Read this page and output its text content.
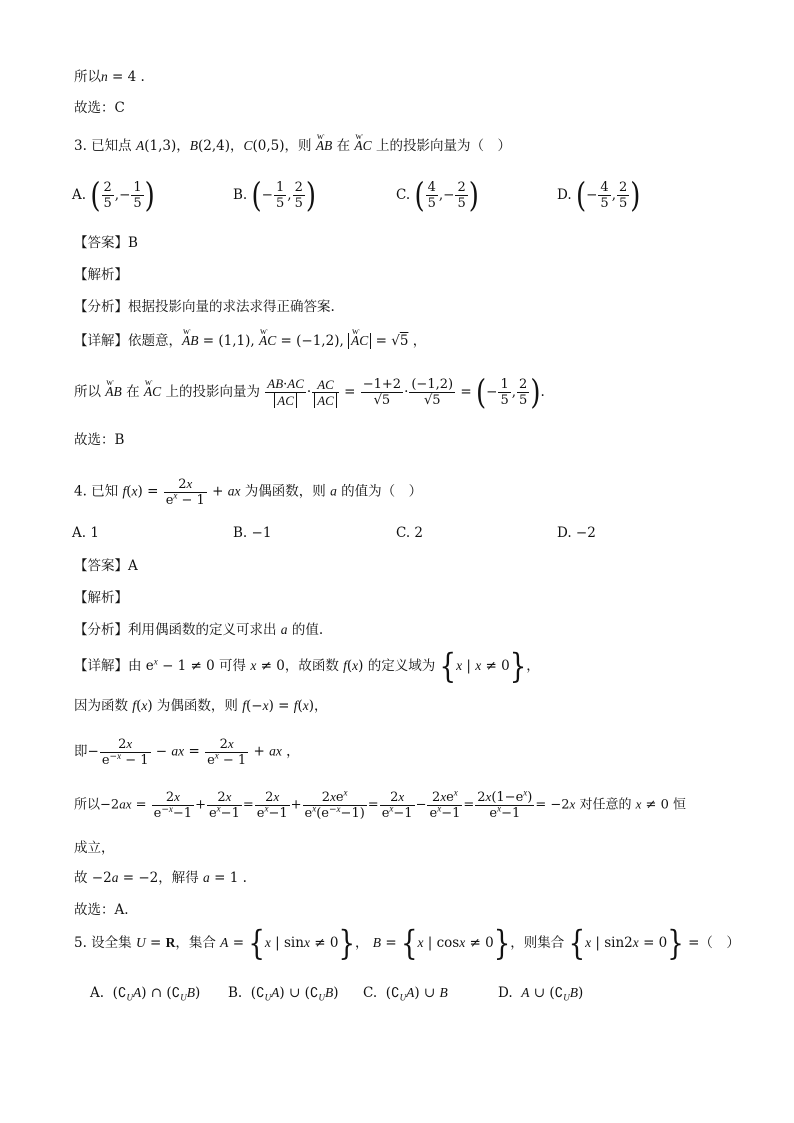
所以n = 4 .
故选：C
3. 已知点 A(1,3)，B(2,4)，C(0,5)，则 ⱳ AB 在 ⱳ AC 上的投影向量为（　）
A. ( $\frac{2}{5}$ ,− $\frac{1}{5}$ )	B. (− $\frac{1}{5}$ , $\frac{2}{5}$ )	C. ( $\frac{4}{5}$ ,− $\frac{2}{5}$ )	D. (− $\frac{4}{5}$ , $\frac{2}{5}$ )
【答案】B
【解析】
【分析】根据投影向量的求法求得正确答案.
【详解】依题意，ⱳ AB = (1,1), ⱳ AC = (−1,2), ⱳ AC = √5 ，
所以 ⱳ AB 在 ⱳ AC 上的投影向量为 $\frac{AB\cdot AC}{AC} \cdot \frac{AC}{AC} = \frac{-1+2}{√5} \cdot \frac{(-1,2)}{√5}$ = (− $\frac{1}{5}$ , $\frac{2}{5}$ ).
故选：B
4. 已知 $f(x) = \frac{2x}{e^x - 1}$ + ax 为偶函数，则 a 的值为（　）
A. 1	B. −1	C. 2	D. −2
【答案】A
【解析】
【分析】利用偶函数的定义可求出 a 的值.
【详解】由 $e^x - 1 \ne 0$ 可得 x ≠ 0，故函数 f(x) 的定义域为 {x | x ≠ 0}，
因为函数 f(x) 为偶函数，则 f(−x) = f(x)，
即− $\frac{2x}{e^{-x} - 1}$ − ax = $\frac{2x}{e^x - 1}$ + ax ，
所以$-2ax = \frac{2x}{e^{-x}-1} + \frac{2x}{e^x-1} = \frac{2x}{e^x-1} + \frac{2xe^x}{e^x(e^{-x}-1)} = \frac{2x}{e^x-1} - \frac{2xe^x}{e^x-1} = \frac{2x(1-e^x)}{e^x-1} = -2x$ 对任意的 x ≠ 0 恒
成立，
故 −2a = −2，解得 a = 1 .
故选：A.
5. 设全集 U = R，集合 A = {x | sinx ≠ 0}， B = {x | cosx ≠ 0}，则集合 {x | sin2x = 0} =（　）
A.  $(∁_UA)$ ∩ $(∁_UB)$ B.  $(∁_UA)$ ∪ $(∁_UB)$ C.  $(∁_UA)$ ∪ B	D.  A ∪ $(∁_UB)$
